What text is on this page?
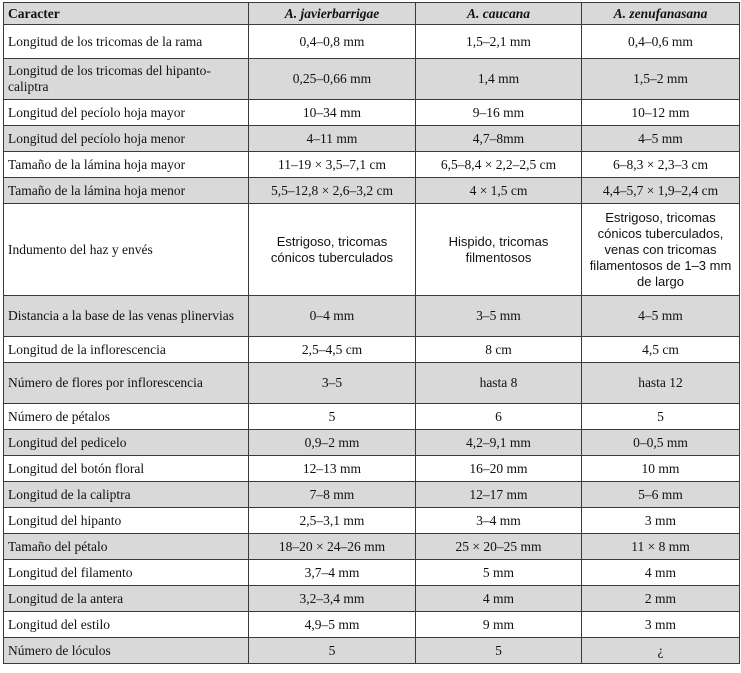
Caracter	A. javierbarrigae	A. caucana	A. zenufanasana
Longitud de los tricomas de la rama	0,4–0,8 mm	1,5–2,1 mm	0,4–0,6 mm
Longitud de los tricomas del hipanto-caliptra	0,25–0,66 mm	1,4 mm	1,5–2 mm
Longitud del pecíolo hoja mayor	10–34 mm	9–16 mm	10–12 mm
Longitud del pecíolo hoja menor	4–11 mm	4,7–8mm	4–5 mm
Tamaño de la lámina hoja mayor	11–19 × 3,5–7,1 cm	6,5–8,4 × 2,2–2,5 cm	6–8,3 × 2,3–3 cm
Tamaño de la lámina hoja menor	5,5–12,8 × 2,6–3,2 cm	4 × 1,5 cm	4,4–5,7 × 1,9–2,4 cm
Indumento del haz y envés	Estrigoso, tricomas cónicos tuberculados	Hispido, tricomas filmentosos	Estrigoso, tricomas cónicos tuberculados, venas con tricomas filamentosos de 1–3 mm de largo
Distancia a la base de las venas plinervias	0–4 mm	3–5 mm	4–5 mm
Longitud de la inflorescencia	2,5–4,5 cm	8 cm	4,5 cm
Número de flores por inflorescencia	3–5	hasta 8	hasta 12
Número de pétalos	5	6	5
Longitud del pedicelo	0,9–2 mm	4,2–9,1 mm	0–0,5 mm
Longitud del botón floral	12–13 mm	16–20 mm	10 mm
Longitud de la caliptra	7–8 mm	12–17 mm	5–6 mm
Longitud del hipanto	2,5–3,1 mm	3–4 mm	3 mm
Tamaño del pétalo	18–20 × 24–26 mm	25 × 20–25 mm	11 × 8 mm
Longitud del filamento	3,7–4 mm	5 mm	4 mm
Longitud de la antera	3,2–3,4 mm	4 mm	2 mm
Longitud del estilo	4,9–5 mm	9 mm	3 mm
Número de lóculos	5	5	¿
